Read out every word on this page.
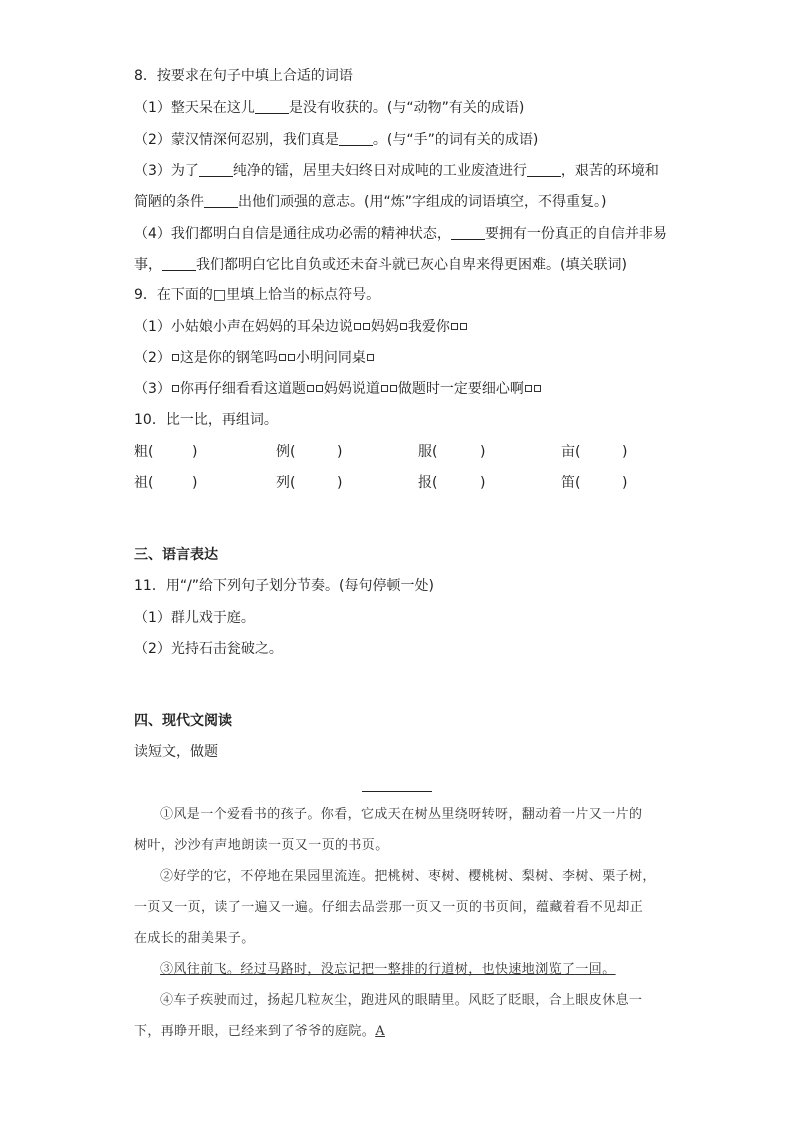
8．按要求在句子中填上合适的词语
（1）整天呆在这儿 是没有收获的。(与“动物”有关的成语)
（2）蒙汉情深何忍别，我们真是 。(与“手”的词有关的成语)
（3）为了 纯净的镭，居里夫妇终日对成吨的工业废渣进行 ，艰苦的环境和
简陋的条件 出他们顽强的意志。(用“炼”字组成的词语填空，不得重复。)
（4）我们都明白自信是通往成功必需的精神状态， 要拥有一份真正的自信并非易
事， 我们都明白它比自负或还未奋斗就已灰心自卑来得更困难。(填关联词)
9．在下面的□里填上恰当的标点符号。
（1）小姑娘小声在妈妈的耳朵边说 妈妈 我爱你
（2） 这是你的钢笔吗 小明问同桌
（3） 你再仔细看看这道题 妈妈说道 做题时一定要细心啊
10．比一比，再组词。
粗(	)	例(	)	服(	)	亩(	)
祖(	)	列(	)	报(	)	笛(	)
三、语言表达
11．用“/”给下列句子划分节奏。(每句停顿一处)
（1）群儿戏于庭。
（2）光持石击瓮破之。
四、现代文阅读
读短文，做题
①风是一个爱看书的孩子。你看，它成天在树丛里绕呀转呀，翻动着一片又一片的
树叶，沙沙有声地朗读一页又一页的书页。
②好学的它，不停地在果园里流连。把桃树、枣树、樱桃树、梨树、李树、栗子树，
一页又一页，读了一遍又一遍。仔细去品尝那一页又一页的书页间，蕴藏着看不见却正
在成长的甜美果子。
③风往前飞。经过马路时，没忘记把一整排的行道树，也快速地浏览了一回。
④车子疾驶而过，扬起几粒灰尘，跑进风的眼睛里。风眨了眨眼，合上眼皮休息一
下，再睁开眼，已经来到了爷爷的庭院。A
